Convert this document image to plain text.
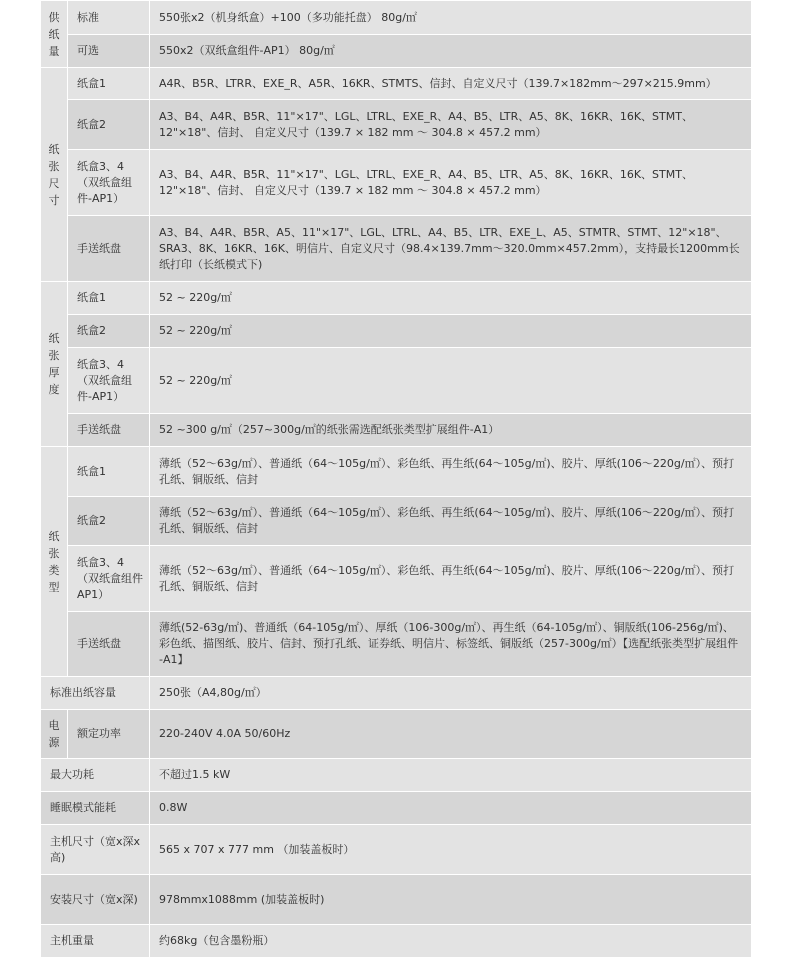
供纸量	标准	550张x2（机身纸盒）+100（多功能托盘） 80g/㎡
	可选	550x2（双纸盒组件-AP1） 80g/㎡
纸张尺寸	纸盒1	A4R、B5R、LTRR、EXE_R、A5R、16KR、STMTS、信封、自定义尺寸（139.7×182mm～297×215.9mm）
	纸盒2	A3、B4、A4R、B5R、11"×17"、LGL、LTRL、EXE_R、A4、B5、LTR、A5、8K、16KR、16K、STMT、12"×18"、信封、 自定义尺寸（139.7 × 182 mm ～ 304.8 × 457.2 mm）
	纸盒3、4（双纸盒组件-AP1）	A3、B4、A4R、B5R、11"×17"、LGL、LTRL、EXE_R、A4、B5、LTR、A5、8K、16KR、16K、STMT、12"×18"、信封、 自定义尺寸（139.7 × 182 mm ～ 304.8 × 457.2 mm）
	手送纸盘	A3、B4、A4R、B5R、A5、11"×17"、LGL、LTRL、A4、B5、LTR、EXE_L、A5、STMTR、STMT、12"×18"、SRA3、8K、16KR、16K、明信片、自定义尺寸（98.4×139.7mm～320.0mm×457.2mm），支持最长1200mm长纸打印（长纸模式下)
纸张厚度	纸盒1	52 ~ 220g/㎡
	纸盒2	52 ~ 220g/㎡
	纸盒3、4（双纸盒组件-AP1）	52 ~ 220g/㎡
	手送纸盘	52 ~300 g/㎡（257~300g/㎡的纸张需选配纸张类型扩展组件-A1）
纸张类型	纸盒1	薄纸（52～63g/㎡）、普通纸（64～105g/㎡）、彩色纸、再生纸(64～105g/㎡)、胶片、厚纸(106～220g/㎡）、预打孔纸、铜版纸、信封
	纸盒2	薄纸（52～63g/㎡）、普通纸（64～105g/㎡）、彩色纸、再生纸(64～105g/㎡)、胶片、厚纸(106～220g/㎡）、预打孔纸、铜版纸、信封
	纸盒3、4（双纸盒组件AP1）	薄纸（52～63g/㎡）、普通纸（64～105g/㎡）、彩色纸、再生纸(64～105g/㎡)、胶片、厚纸(106～220g/㎡）、预打孔纸、铜版纸、信封
	手送纸盘	薄纸(52-63g/㎡)、普通纸（64-105g/㎡）、厚纸（106-300g/㎡）、再生纸（64-105g/㎡）、铜版纸(106-256g/㎡)、彩色纸、描图纸、胶片、信封、预打孔纸、证券纸、明信片、标签纸、铜版纸（257-300g/㎡）【选配纸张类型扩展组件 -A1】
标准出纸容量		250张（A4,80g/㎡）
电源	额定功率	220-240V 4.0A 50/60Hz
最大功耗		不超过1.5 kW
睡眠模式能耗		0.8W
主机尺寸（宽x深x高)		565 x 707 x 777 mm （加装盖板时）
安装尺寸（宽x深)		978mmx1088mm (加装盖板时)
主机重量		约68kg（包含墨粉瓶）
